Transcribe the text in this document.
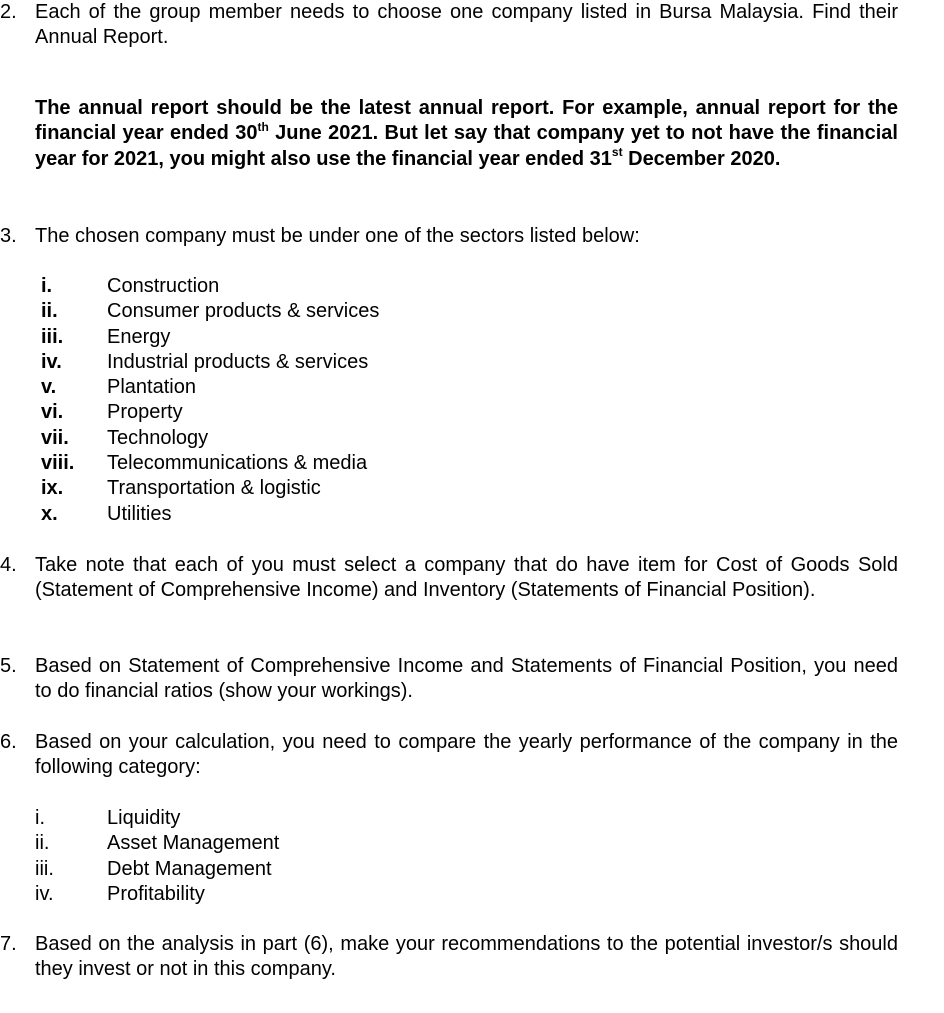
2. Each of the group member needs to choose one company listed in Bursa Malaysia. Find their Annual Report.
The annual report should be the latest annual report. For example, annual report for the financial year ended 30th June 2021. But let say that company yet to not have the financial year for 2021, you might also use the financial year ended 31st December 2020.
3. The chosen company must be under one of the sectors listed below:
i.	Construction
ii. Consumer products & services
iii. Energy
iv. Industrial products & services
v.	Plantation
vi. Property
vii. Technology
viii. Telecommunications & media
ix. Transportation & logistic
x. Utilities
4. Take note that each of you must select a company that do have item for Cost of Goods Sold (Statement of Comprehensive Income) and Inventory (Statements of Financial Position).
5. Based on Statement of Comprehensive Income and Statements of Financial Position, you need to do financial ratios (show your workings).
6. Based on your calculation, you need to compare the yearly performance of the company in the following category:
i.	Liquidity
ii.	Asset Management
iii.	Debt Management
iv.	Profitability
7. Based on the analysis in part (6), make your recommendations to the potential investor/s should they invest or not in this company.
